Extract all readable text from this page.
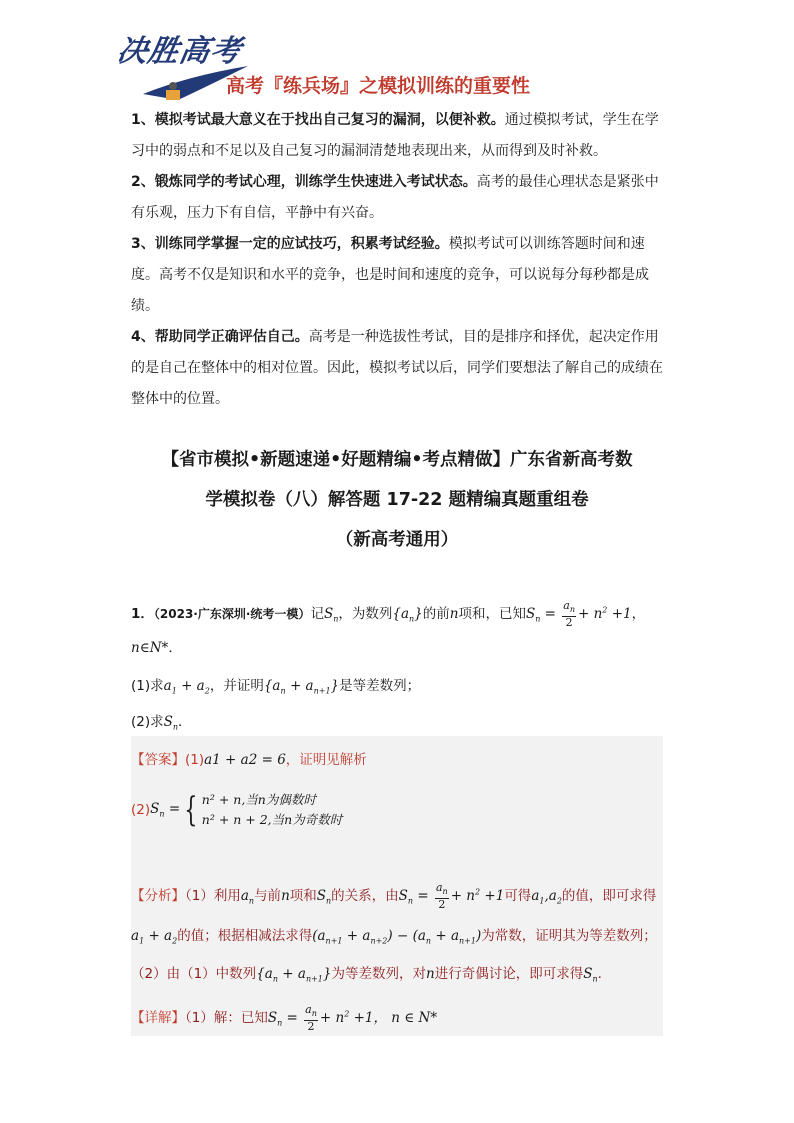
决胜高考
高考『练兵场』之模拟训练的重要性

1、模拟考试最大意义在于找出自己复习的漏洞，以便补救。通过模拟考试，学生在学习中的弱点和不足以及自己复习的漏洞清楚地表现出来，从而得到及时补救。

2、锻炼同学的考试心理，训练学生快速进入考试状态。高考的最佳心理状态是紧张中有乐观，压力下有自信，平静中有兴奋。

3、训练同学掌握一定的应试技巧，积累考试经验。模拟考试可以训练答题时间和速度。高考不仅是知识和水平的竞争，也是时间和速度的竞争，可以说每分每秒都是成绩。

4、帮助同学正确评估自己。高考是一种选拔性考试，目的是排序和择优，起决定作用的是自己在整体中的相对位置。因此，模拟考试以后，同学们要想法了解自己的成绩在整体中的位置。

【省市模拟•新题速递•好题精编•考点精做】广东省新高考数
学模拟卷（八）解答题 17-22 题精编真题重组卷
（新高考通用）
1．（2023·广东深圳·统考一模）记$S_n$，为数列$\{a_n\}$的前n项和，已知$S_n = \frac{a_n}{2} + n^2 +1$，
n∈N*．
(1)求$a_1 + a_2$，并证明$\{a_n + a_{n+1}\}$是等差数列；
(2)求$S_n$．
【答案】(1)a1 + a2 = 6，证明见解析
$(2)S_n$ = { n² + n,当n为偶数时
n² + n + 2,当n为奇数时
【分析】（1）利用$a_n$与前n项和$S_n$的关系，由$S_n = \frac{a_n}{2} + n^2 +1$可得$a_1,a_2$的值，即可求得
$a_1 + a_2$的值；根据相减法求得$(a_{n+1} + a_{n+2}) - (a_n + a_{n+1})$为常数，证明其为等差数列；
（2）由（1）中数列$\{a_n + a_{n+1}\}$为等差数列，对n进行奇偶讨论，即可求得$S_n$.
【详解】（1）解：已知$S_n = \frac{a_n}{2} + n^2 +1$， n ∈ N*
